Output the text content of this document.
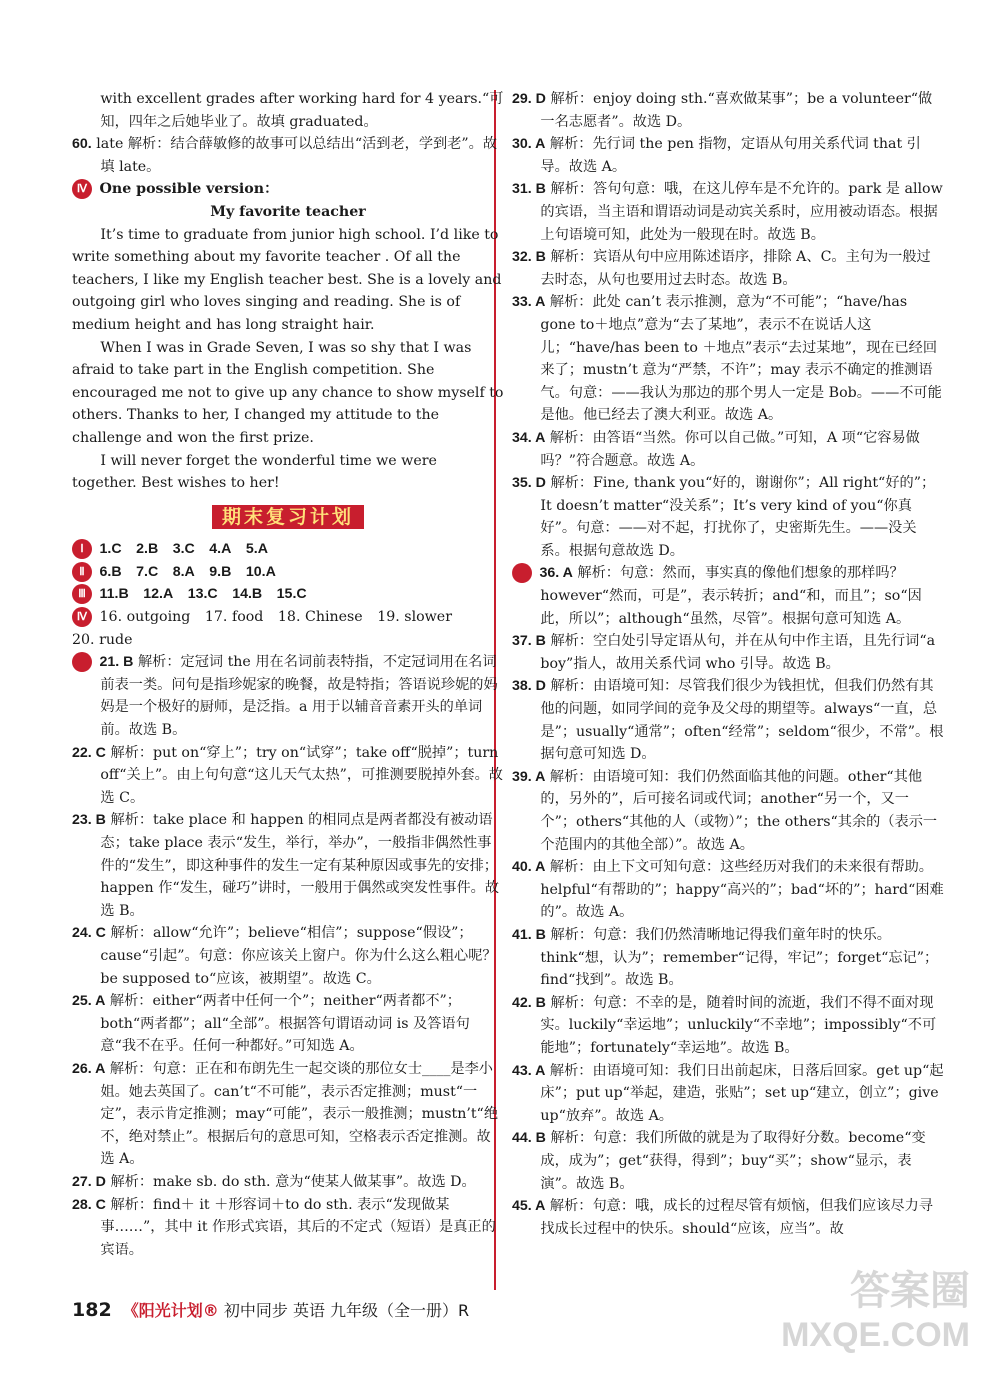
with excellent grades after working hard for 4 years.“可

知，四年之后她毕业了。故填 graduated。

60. late 解析：结合薛敏修的故事可以总结出“活到老，学到老”。故填 late。

Ⅳ One possible version：

My favorite teacher

It’s time to graduate from junior high school. I’d like to write something about my favorite teacher . Of all the teachers, I like my English teacher best. She is a lovely and outgoing girl who loves singing and reading. She is of medium height and has long straight hair.

When I was in Grade Seven, I was so shy that I was afraid to take part in the English competition. She encouraged me not to give up any chance to show myself to others. Thanks to her, I changed my attitude to the challenge and won the first prize.

I will never forget the wonderful time we were together. Best wishes to her!

期末复习计划

Ⅰ 1.C 2.B 3.C 4.A 5.A

Ⅱ 6.B 7.C 8.A 9.B 10.A

Ⅲ 11.B 12.A 13.C 14.B 15.C

Ⅳ 16. outgoing 17. food 18. Chinese 19. slower

20. rude

Ⅴ 21. B 解析：定冠词 the 用在名词前表特指，不定冠词用在名词前表一类。问句是指珍妮家的晚餐，故是特指；答语说珍妮的妈妈是一个极好的厨师，是泛指。a 用于以辅音音素开头的单词前。故选 B。

22. C 解析：put on“穿上”；try on“试穿”；take off“脱掉”；turn off“关上”。由上句句意“这儿天气太热”，可推测要脱掉外套。故选 C。

23. B 解析：take place 和 happen 的相同点是两者都没有被动语态；take place 表示“发生，举行，举办”，一般指非偶然性事件的“发生”，即这种事件的发生一定有某种原因或事先的安排；happen 作“发生，碰巧”讲时，一般用于偶然或突发性事件。故选 B。

24. C 解析：allow“允许”；believe“相信”；suppose“假设”；cause“引起”。句意：你应该关上窗户。你为什么这么粗心呢？be supposed to“应该，被期望”。故选 C。

25. A 解析：either“两者中任何一个”；neither“两者都不”；both“两者都”；all“全部”。根据答句谓语动词 is 及答语句意“我不在乎。任何一种都好。”可知选 A。

26. A 解析：句意：正在和布朗先生一起交谈的那位女士____是李小姐。她去英国了。can’t“不可能”，表示否定推测；must“一定”，表示肯定推测；may“可能”，表示一般推测；mustn’t“绝不，绝对禁止”。根据后句的意思可知，空格表示否定推测。故选 A。

27. D 解析：make sb. do sth. 意为“使某人做某事”。故选 D。

28. C 解析：find＋ it ＋形容词＋to do sth. 表示“发现做某事……”，其中 it 作形式宾语，其后的不定式（短语）是真正的宾语。

29. D 解析：enjoy doing sth.“喜欢做某事”；be a volunteer“做一名志愿者”。故选 D。

30. A 解析：先行词 the pen 指物，定语从句用关系代词 that 引导。故选 A。

31. B 解析：答句句意：哦，在这儿停车是不允许的。park 是 allow 的宾语，当主语和谓语动词是动宾关系时，应用被动语态。根据上句语境可知，此处为一般现在时。故选 B。

32. B 解析：宾语从句中应用陈述语序，排除 A、C。主句为一般过去时态，从句也要用过去时态。故选 B。

33. A 解析：此处 can’t 表示推测，意为“不可能”；“have/has gone to＋地点”意为“去了某地”，表示不在说话人这儿；“have/has been to ＋地点”表示“去过某地”，现在已经回来了；mustn’t 意为“严禁，不许”；may 表示不确定的推测语气。句意：——我认为那边的那个男人一定是 Bob。——不可能是他。他已经去了澳大利亚。故选 A。

34. A 解析：由答语“当然。你可以自己做。”可知，A 项“它容易做吗？”符合题意。故选 A。

35. D 解析：Fine, thank you“好的，谢谢你”；All right“好的”；It doesn’t matter“没关系”；It’s very kind of you“你真好”。句意：——对不起，打扰你了，史密斯先生。——没关系。根据句意故选 D。

Ⅵ 36. A 解析：句意：然而，事实真的像他们想象的那样吗？however“然而，可是”，表示转折；and“和，而且”；so“因此，所以”；although“虽然，尽管”。根据句意可知选 A。

37. B 解析：空白处引导定语从句，并在从句中作主语，且先行词“a boy”指人，故用关系代词 who 引导。故选 B。

38. D 解析：由语境可知：尽管我们很少为钱担忧，但我们仍然有其他的问题，如同学间的竞争及父母的期望等。always“一直，总是”；usually“通常”；often“经常”；seldom“很少，不常”。根据句意可知选 D。

39. A 解析：由语境可知：我们仍然面临其他的问题。other“其他的，另外的”，后可接名词或代词；another“另一个，又一个”；others“其他的人（或物）”；the others“其余的（表示一个范围内的其他全部）”。故选 A。

40. A 解析：由上下文可知句意：这些经历对我们的未来很有帮助。helpful“有帮助的”；happy“高兴的”；bad“坏的”；hard“困难的”。故选 A。

41. B 解析：句意：我们仍然清晰地记得我们童年时的快乐。think“想，认为”；remember“记得，牢记”；forget“忘记”；find“找到”。故选 B。

42. B 解析：句意：不幸的是，随着时间的流逝，我们不得不面对现实。luckily“幸运地”；unluckily“不幸地”；impossibly“不可能地”；fortunately“幸运地”。故选 B。

43. A 解析：由语境可知：我们日出前起床，日落后回家。get up“起床”；put up“举起，建造，张贴”；set up“建立，创立”；give up“放弃”。故选 A。

44. B 解析：句意：我们所做的就是为了取得好分数。become“变成，成为”；get“获得，得到”；buy“买”；show“显示，表演”。故选 B。

45. A 解析：句意：哦，成长的过程尽管有烦恼，但我们应该尽力寻找成长过程中的快乐。should“应该，应当”。故

182 《阳光计划® 初中同步 英语 九年级（全一册）R	答案圈
MXQE.COM
